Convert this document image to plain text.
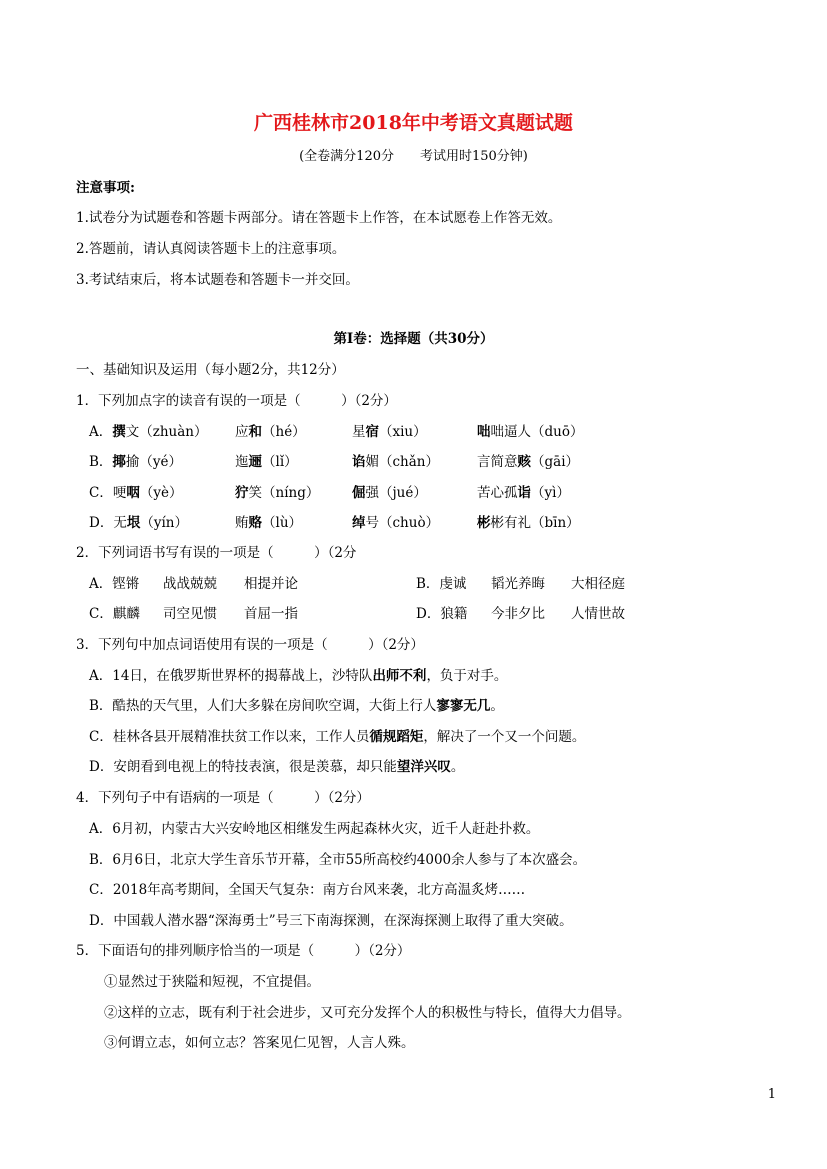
广西桂林市2018年中考语文真题试题
(全卷满分120分　　考试用时150分钟)
注意事项:
1.试卷分为试题卷和答题卡两部分。请在答题卡上作答，在本试愿卷上作答无效。
2.答题前，请认真阅读答题卡上的注意事项。
3.考试结束后，将本试题卷和答题卡一并交回。
第Ⅰ卷：选择题（共30分）
一、基础知识及运用（每小题2分，共12分）
1．下列加点字的读音有误的一项是（　　　）（2分）
A．撰文（zhuàn） 应和（hé）	星宿（xiu）	咄咄逼人（duō）
B．揶揄（yé）	迤逦（lǐ）	谄媚（chǎn）	言简意赅（gāi）
C．哽咽（yè）	狞笑（níng） 倔强（jué）	苦心孤诣（yì）
D．无垠（yín）	贿赂（lù）	绰号（chuò）	彬彬有礼（bīn）
2．下列词语书写有误的一项是（　　　）（2分
A．铿锵 战战兢兢 相提并论	B．虔诚 韬光养晦 大相径庭
C．麒麟 司空见惯 首屈一指	D．狼籍 今非夕比 人情世故
3．下列句中加点词语使用有误的一项是（　　　）（2分）
A．14日，在俄罗斯世界杯的揭幕战上，沙特队出师不利，负于对手。
B．酷热的天气里，人们大多躲在房间吹空调，大街上行人寥寥无几。
C．桂林各县开展精准扶贫工作以来，工作人员循规蹈矩，解决了一个又一个问题。
D．安朗看到电视上的特技表演，很是羡慕，却只能望洋兴叹。
4．下列句子中有语病的一项是（　　　）（2分）
A．6月初，内蒙古大兴安岭地区相继发生两起森林火灾，近千人赶赴扑救。
B．6月6日，北京大学生音乐节开幕，全市55所高校约4000余人参与了本次盛会。
C．2018年高考期间，全国天气复杂：南方台风来袭，北方高温炙烤……
D．中国载人潜水器“深海勇士”号三下南海探测，在深海探测上取得了重大突破。
5．下面语句的排列顺序恰当的一项是（　　　）（2分）
①显然过于狭隘和短视，不宜提倡。
②这样的立志，既有利于社会进步，又可充分发挥个人的积极性与特长，值得大力倡导。
③何谓立志，如何立志？答案见仁见智，人言人殊。
1
